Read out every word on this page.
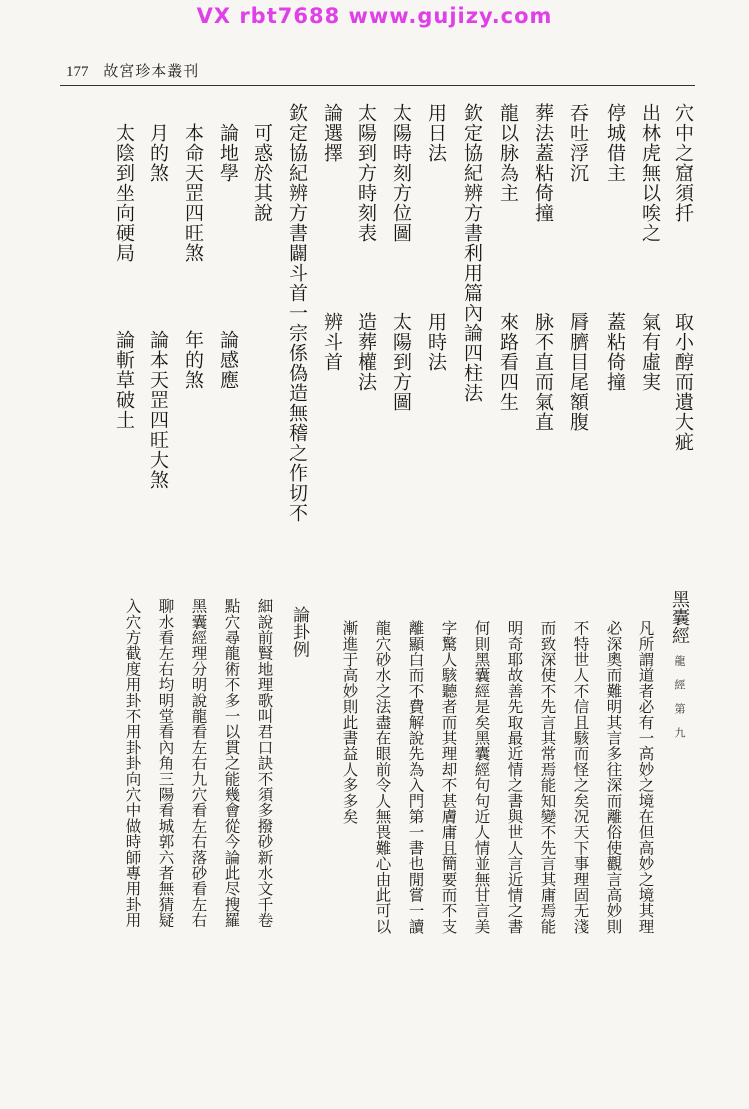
VX rbt7688 www.gujizy.com
177 故宮珍本叢刊
穴中之窟須扦
取小醇而遺大疵
出林虎無以唉之
氣有虛実
停城借主
蓋粘倚撞
吞吐浮沉
脣臍目尾額腹
葬法蓋粘倚撞
脉不直而氣直
龍以脉為主
來路看四生
欽定協紀辨方書利用篇內論四柱法
用日法
用時法
太陽時刻方位圖
太陽到方圖
太陽到方時刻表
造葬權法
論選擇
辨斗首
欽定協紀辨方書闢斗首一宗係偽造無稽之作切不
可惑於其說
論地學
論感應
本命天罡四旺煞
年的煞
月的煞
論本天罡四旺大煞
太陰到坐向硬局
論斬草破土
黑囊經
龍 經 第 九
凡所謂道者必有一高妙之境在但高妙之境其理
必深奧而難明其言多往深而離俗使觀言高妙則
不特世人不信且駭而怪之矣况天下事理固无淺
而致深使不先言其常焉能知變不先言其庸焉能
明奇耶故善先取最近情之書與世人言近情之書
何則黑囊經是矣黑囊經句句近人情並無甘言美
字驚人駭聽者而其理却不甚膚庸且簡要而不支
離顯白而不費解說先為入門第一書也閒嘗一讀
龍穴砂水之法盡在眼前令人無畏難心由此可以
漸進于高妙則此書益人多多矣
論卦例
細說前賢地理歌叫君口訣不須多撥砂新水文千卷
點穴尋龍術不多一以貫之能幾會從今論此尽搜羅
黑囊經理分明說龍看左右九穴看左右落砂看左右
聊水看左右均明堂看內角三陽看城郭六者無猜疑
入穴方截度用卦不用卦卦向穴中做時師專用卦用
